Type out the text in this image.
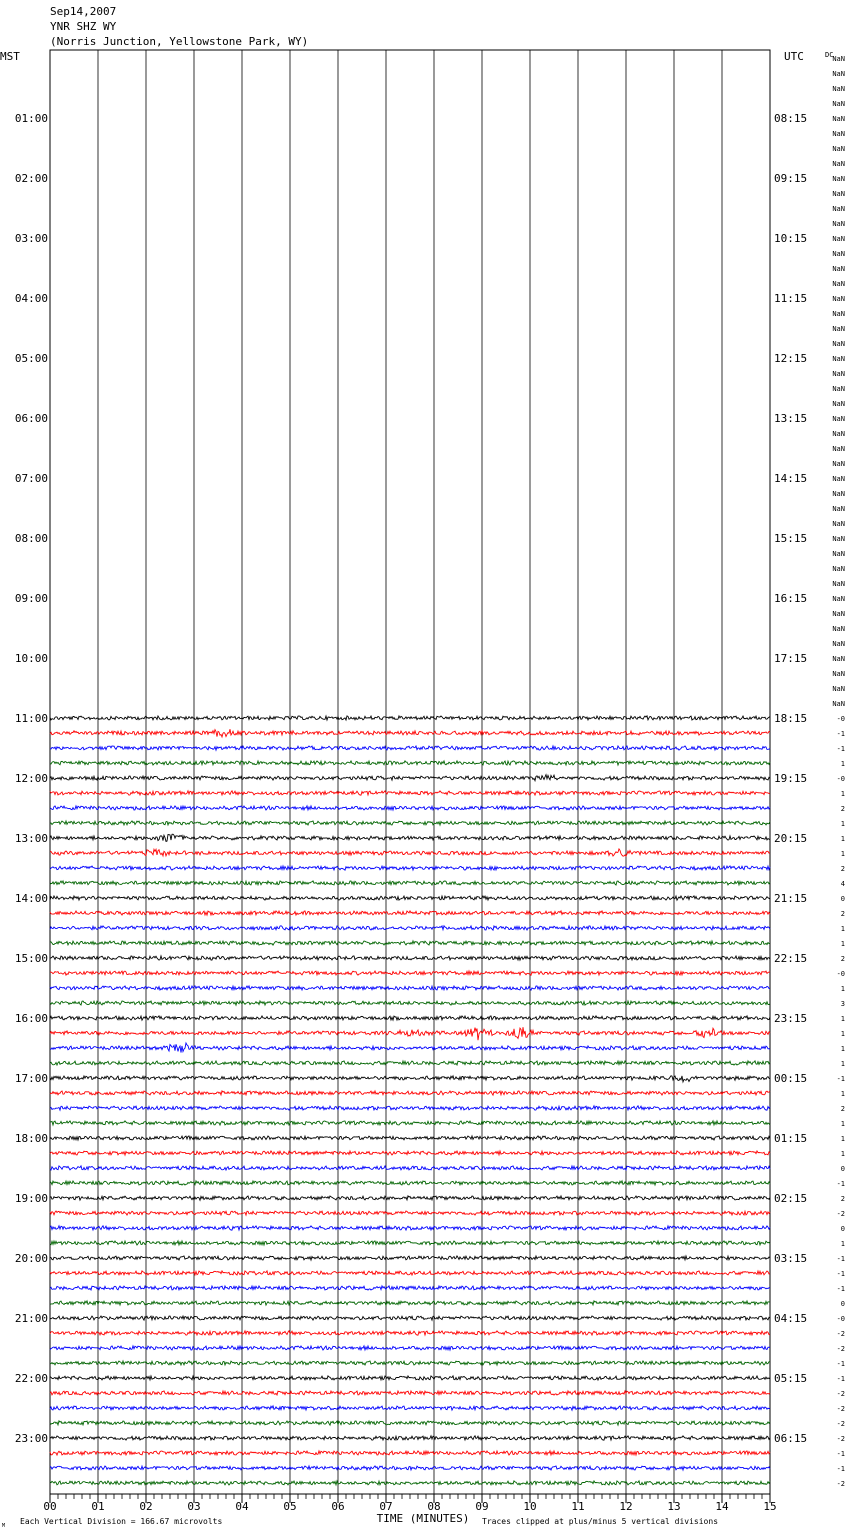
Sep14,2007
YNR SHZ WY
(Norris Junction, Yellowstone Park, WY)
00	01	02	03	04	05	06	07	08	09	10	11	12	13	14	15
TIME (MINUTES)
Each Vertical Division = 166.67 microvolts	Traces clipped at plus/minus 5 vertical divisions
M
MST	UTC	DC
01:00
02:00
03:00
04:00
05:00
06:00
07:00
08:00
09:00
10:00
11:00
12:00
13:00
14:00
15:00
16:00
17:00
18:00
19:00
20:00
21:00
22:00
23:00
08:15
09:15
10:15
11:15
12:15
13:15
14:15
15:15
16:15
17:15
18:15
19:15
20:15
21:15
22:15
23:15
00:15
01:15
02:15
03:15
04:15
05:15
06:15
NaN
NaN
NaN
NaN
NaN
NaN
NaN
NaN
NaN
NaN
NaN
NaN
NaN
NaN
NaN
NaN
NaN
NaN
NaN
NaN
NaN
NaN
NaN
NaN
NaN
NaN
NaN
NaN
NaN
NaN
NaN
NaN
NaN
NaN
NaN
NaN
NaN
NaN
NaN
NaN
NaN
NaN
NaN
NaN
-0
-1
-1
1
-0
1
2
1
1
1
2
4
0
2
1
1
2
-0
1
3
1
1
1
1
-1
1
2
1
1
1
0
-1
2
-2
0
1
-1
-1
-1
0
-0
-2
-2
-1
-1
-2
-2
-2
-2
-1
-1
-2
